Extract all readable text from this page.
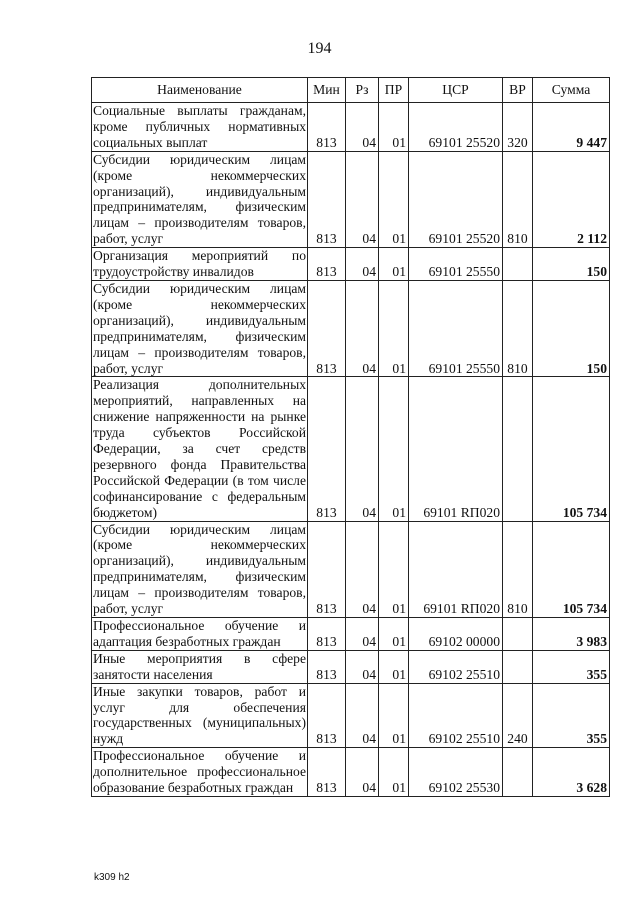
194
Наименование	Мин	Рз	ПР	ЦСР	ВР	Сумма
Социальные выплаты гражданам, кроме публичных нормативных социальных выплат	813	04	01	69101 25520	320	9 447
Субсидии юридическим лицам (кроме некоммерческих организаций), индивидуальным предпринимателям, физическим лицам – производителям товаров, работ, услуг	813	04	01	69101 25520	810	2 112
Организация мероприятий по трудоустройству инвалидов	813	04	01	69101 25550		150
Субсидии юридическим лицам (кроме некоммерческих организаций), индивидуальным предпринимателям, физическим лицам – производителям товаров, работ, услуг	813	04	01	69101 25550	810	150
Реализация дополнительных мероприятий, направленных на снижение напряженности на рынке труда субъектов Российской Федерации, за счет средств резервного фонда Правительства Российской Федерации (в том числе софинансирование с федеральным бюджетом)	813	04	01	69101 RП020		105 734
Субсидии юридическим лицам (кроме некоммерческих организаций), индивидуальным предпринимателям, физическим лицам – производителям товаров, работ, услуг	813	04	01	69101 RП020	810	105 734
Профессиональное обучение и адаптация безработных граждан	813	04	01	69102 00000		3 983
Иные мероприятия в сфере занятости населения	813	04	01	69102 25510		355
Иные закупки товаров, работ и услуг для обеспечения государственных (муниципальных) нужд	813	04	01	69102 25510	240	355
Профессиональное обучение и дополнительное профессиональное образование безработных граждан	813	04	01	69102 25530		3 628
k309 h2
